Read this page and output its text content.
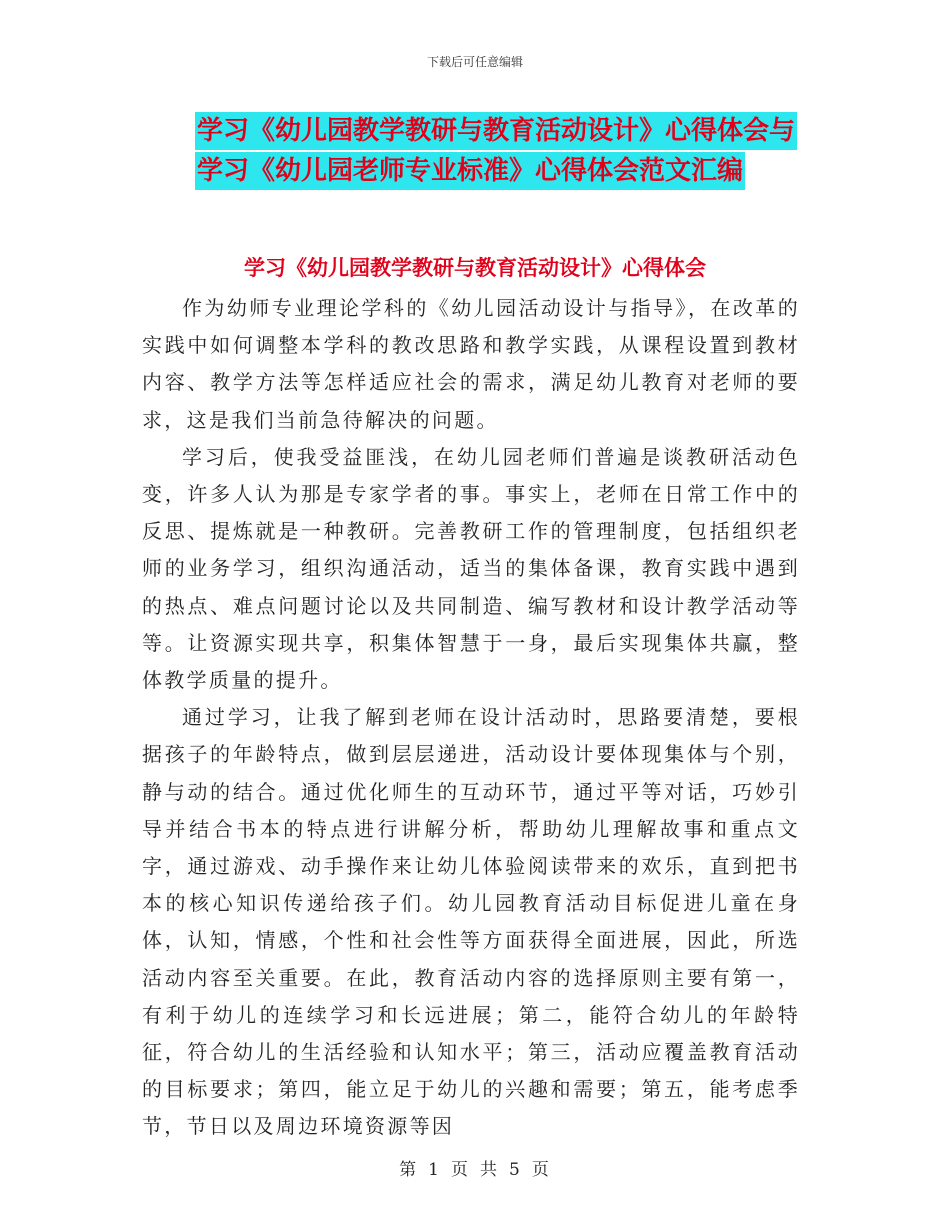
下载后可任意编辑
学习《幼儿园教学教研与教育活动设计》心得体会与
学习《幼儿园老师专业标准》心得体会范文汇编
学习《幼儿园教学教研与教育活动设计》心得体会

作为幼师专业理论学科的《幼儿园活动设计与指导》，在改革的实践中如何调整本学科的教改思路和教学实践，从课程设置到教材内容、教学方法等怎样适应社会的需求，满足幼儿教育对老师的要求，这是我们当前急待解决的问题。

学习后，使我受益匪浅，在幼儿园老师们普遍是谈教研活动色变，许多人认为那是专家学者的事。事实上，老师在日常工作中的反思、提炼就是一种教研。完善教研工作的管理制度，包括组织老师的业务学习，组织沟通活动，适当的集体备课，教育实践中遇到的热点、难点问题讨论以及共同制造、编写教材和设计教学活动等等。让资源实现共享，积集体智慧于一身，最后实现集体共赢，整体教学质量的提升。

通过学习，让我了解到老师在设计活动时，思路要清楚，要根据孩子的年龄特点，做到层层递进，活动设计要体现集体与个别，静与动的结合。通过优化师生的互动环节，通过平等对话，巧妙引导并结合书本的特点进行讲解分析，帮助幼儿理解故事和重点文字，通过游戏、动手操作来让幼儿体验阅读带来的欢乐，直到把书本的核心知识传递给孩子们。幼儿园教育活动目标促进儿童在身体，认知，情感，个性和社会性等方面获得全面进展，因此，所选活动内容至关重要。在此，教育活动内容的选择原则主要有第一，有利于幼儿的连续学习和长远进展；第二，能符合幼儿的年龄特征，符合幼儿的生活经验和认知水平；第三，活动应覆盖教育活动的目标要求；第四，能立足于幼儿的兴趣和需要；第五，能考虑季节，节日以及周边环境资源等因

第 1 页 共 5 页
